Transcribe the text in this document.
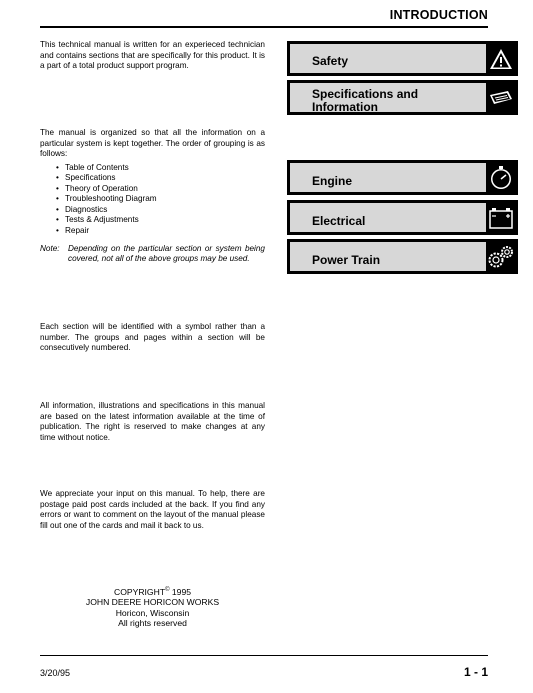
INTRODUCTION

This technical manual is written for an experieced technician and contains sections that are specifically for this product. It is a part of a total product support program.

The manual is organized so that all the information on a particular system is kept together. The order of grouping is as follows:

• Table of Contents
• Specifications
• Theory of Operation
• Troubleshooting Diagram
• Diagnostics
• Tests & Adjustments
• Repair
Note:	Depending on the particular section or system being covered, not all of the above groups may be used.

Each section will be identified with a symbol rather than a number. The groups and pages within a section will be consecutively numbered.

All information, illustrations and specifications in this manual are based on the latest information available at the time of publication. The right is reserved to make changes at any time without notice.

We appreciate your input on this manual. To help, there are postage paid post cards included at the back. If you find any errors or want to comment on the layout of the manual please fill out one of the cards and mail it back to us.

COPYRIGHT© 1995
JOHN DEERE HORICON WORKS
Horicon, Wisconsin
All rights reserved
Safety
Specifications and Information
Engine
Electrical
Power Train
3/20/95	1 - 1
